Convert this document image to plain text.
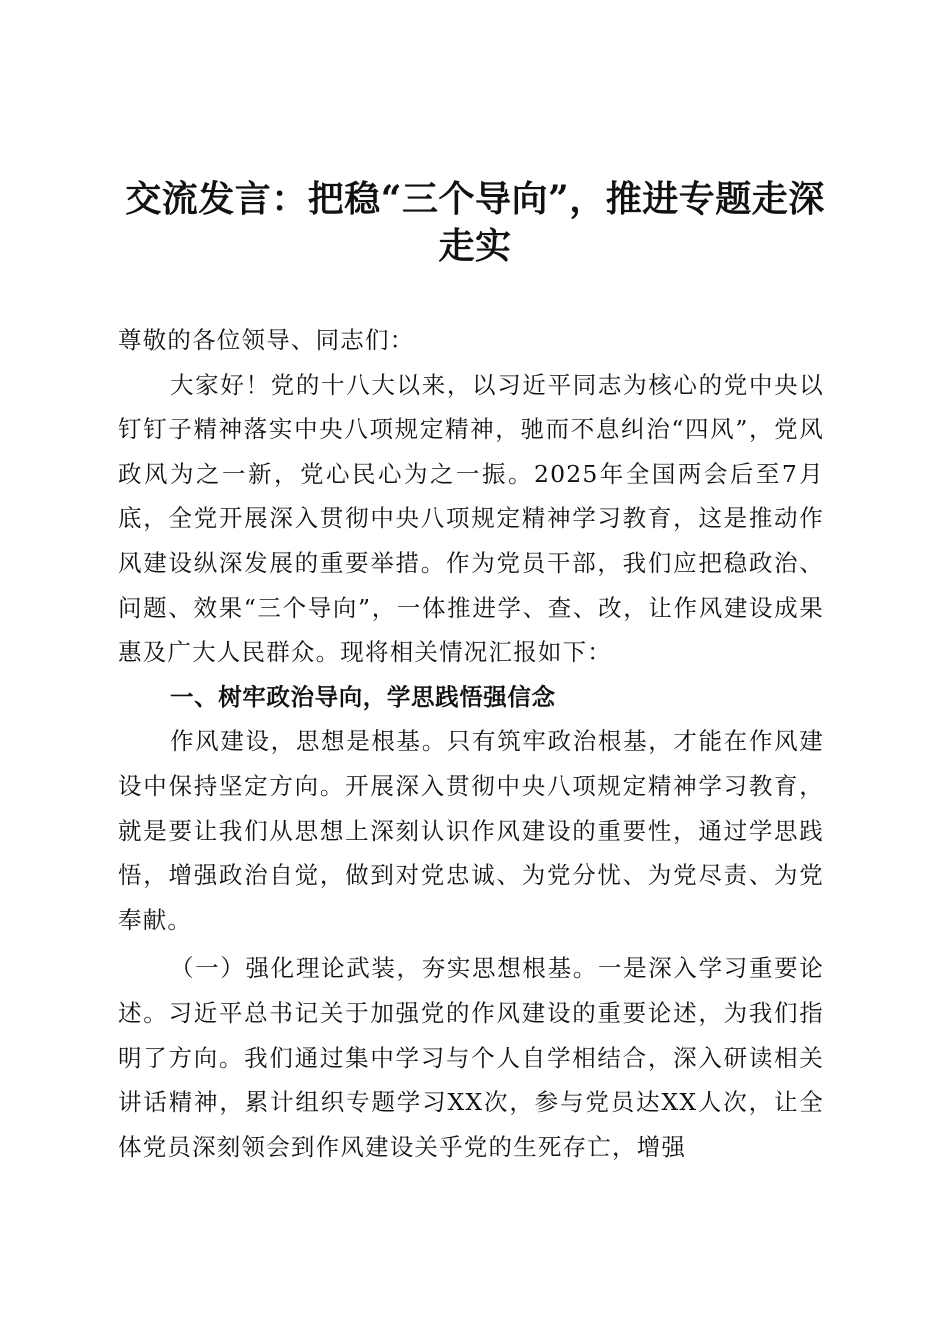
交流发言：把稳“三个导向”，推进专题走深走实

尊敬的各位领导、同志们：

大家好！党的十八大以来，以习近平同志为核心的党中央以钉钉子精神落实中央八项规定精神，驰而不息纠治“四风”，党风政风为之一新，党心民心为之一振。2025年全国两会后至7月底，全党开展深入贯彻中央八项规定精神学习教育，这是推动作风建设纵深发展的重要举措。作为党员干部，我们应把稳政治、问题、效果“三个导向”，一体推进学、查、改，让作风建设成果惠及广大人民群众。现将相关情况汇报如下：

一、树牢政治导向，学思践悟强信念

作风建设，思想是根基。只有筑牢政治根基，才能在作风建设中保持坚定方向。开展深入贯彻中央八项规定精神学习教育，就是要让我们从思想上深刻认识作风建设的重要性，通过学思践悟，增强政治自觉，做到对党忠诚、为党分忧、为党尽责、为党奉献。

（一）强化理论武装，夯实思想根基。一是深入学习重要论述。习近平总书记关于加强党的作风建设的重要论述，为我们指明了方向。我们通过集中学习与个人自学相结合，深入研读相关讲话精神，累计组织专题学习XX次，参与党员达XX人次，让全体党员深刻领会到作风建设关乎党的生死存亡，增强
